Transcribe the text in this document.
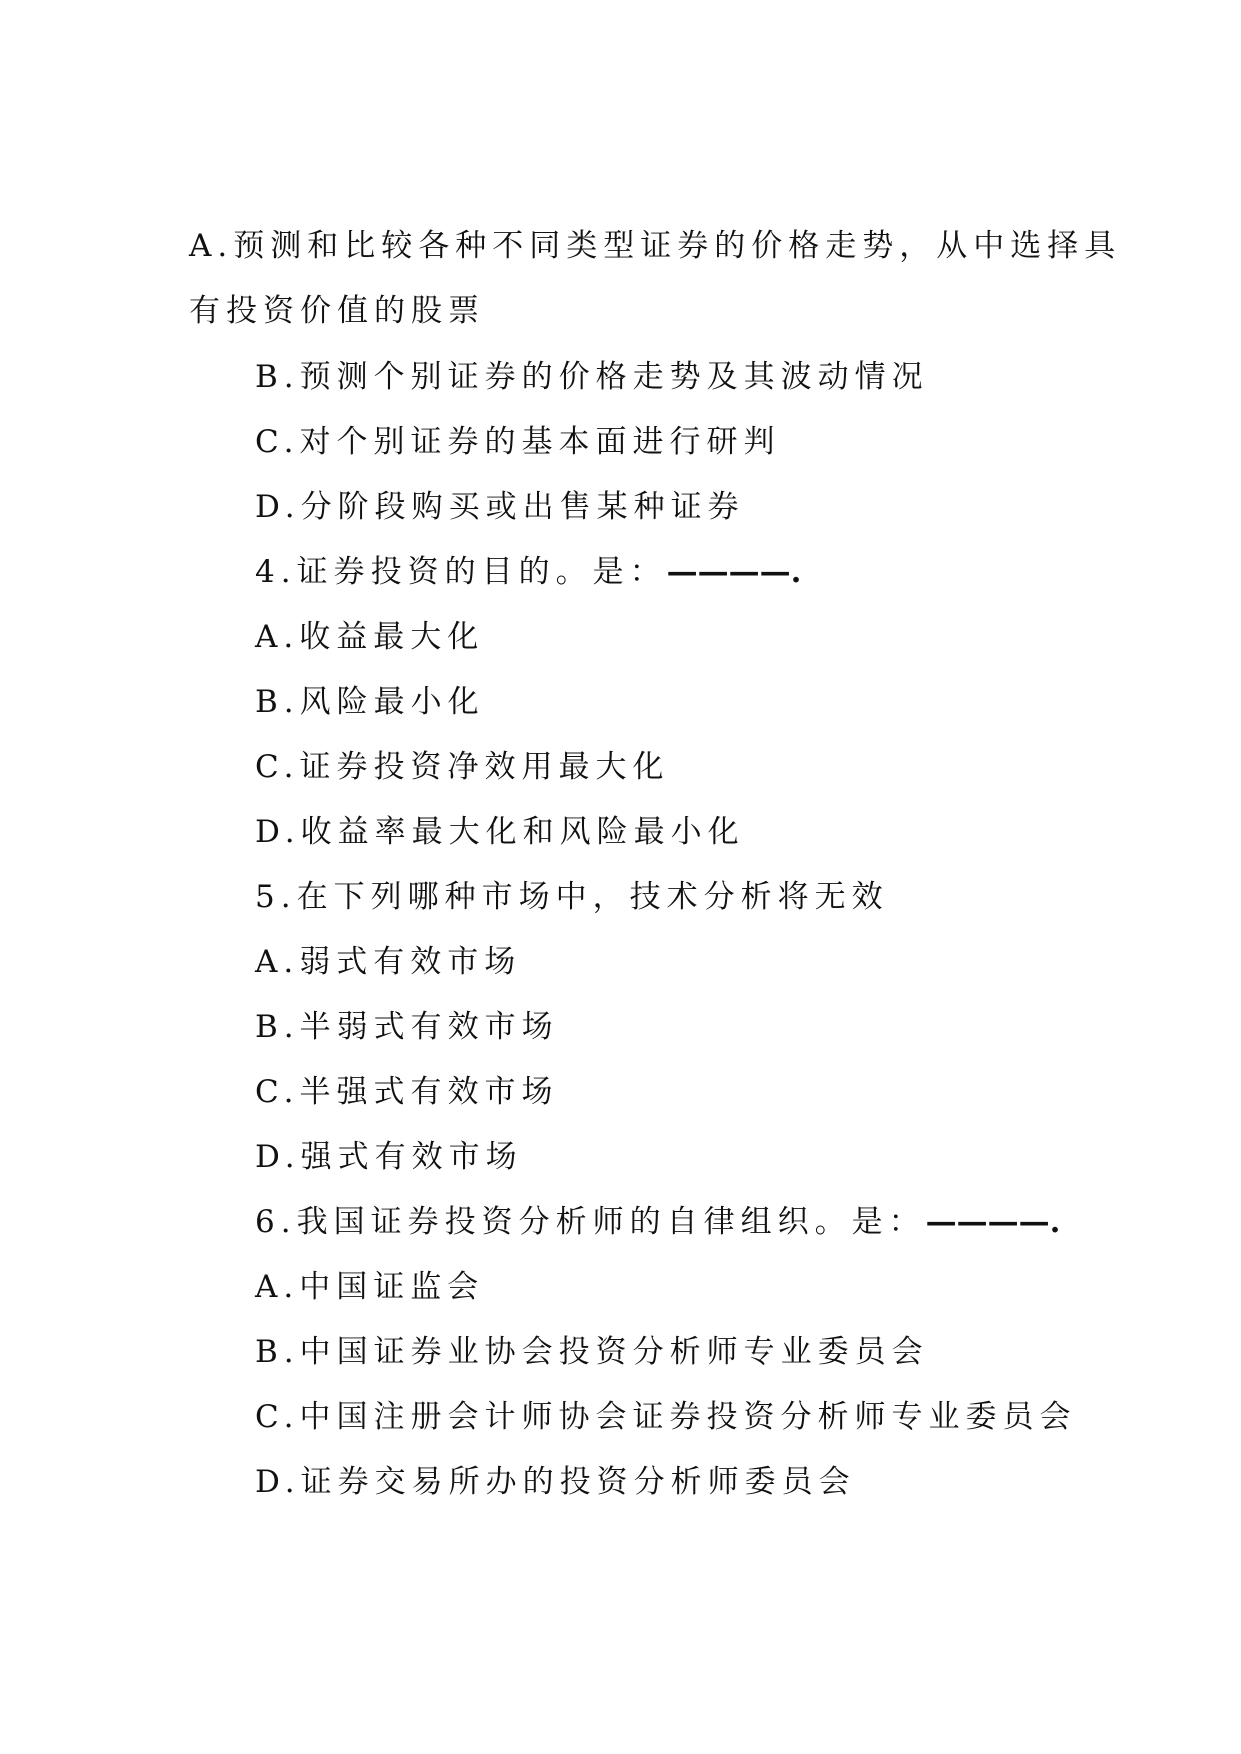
A.预测和比较各种不同类型证券的价格走势，从中选择具
有投资价值的股票
B.预测个别证券的价格走势及其波动情况
C.对个别证券的基本面进行研判
D.分阶段购买或出售某种证券
4.证券投资的目的。是：————.
A.收益最大化
B.风险最小化
C.证券投资净效用最大化
D.收益率最大化和风险最小化
5.在下列哪种市场中，技术分析将无效
A.弱式有效市场
B.半弱式有效市场
C.半强式有效市场
D.强式有效市场
6.我国证券投资分析师的自律组织。是：————.
A.中国证监会
B.中国证券业协会投资分析师专业委员会
C.中国注册会计师协会证券投资分析师专业委员会
D.证券交易所办的投资分析师委员会
